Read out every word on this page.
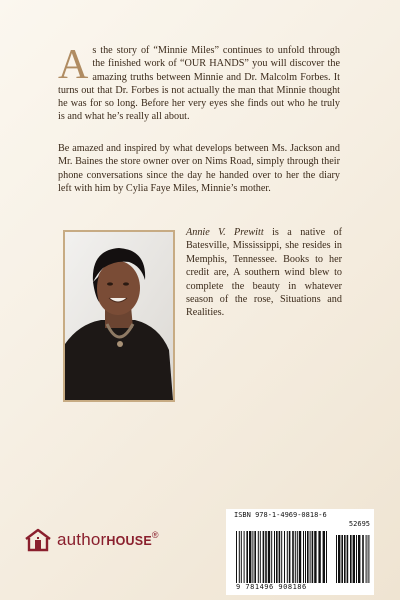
As the story of “Minnie Miles” continues to unfold through the finished work of “OUR HANDS” you will discover the amazing truths between Minnie and Dr. Malcolm Forbes. It turns out that Dr. Forbes is not actually the man that Minnie thought he was for so long. Before her very eyes she finds out who he truly is and what he’s really all about.
Be amazed and inspired by what develops between Ms. Jackson and Mr. Baines the store owner over on Nims Road, simply through their phone conversations since the day he handed over to her the diary left with him by Cylia Faye Miles, Minnie’s mother.
Annie V. Prewitt is a native of Batesville, Mississippi, she resides in Memphis, Tennessee. Books to her credit are, A southern wind blew to complete the beauty in whatever season of the rose, Situations and Realities.
authorHOUSE®
ISBN 978-1-4969-0818-6
52695
9 781496 908186
